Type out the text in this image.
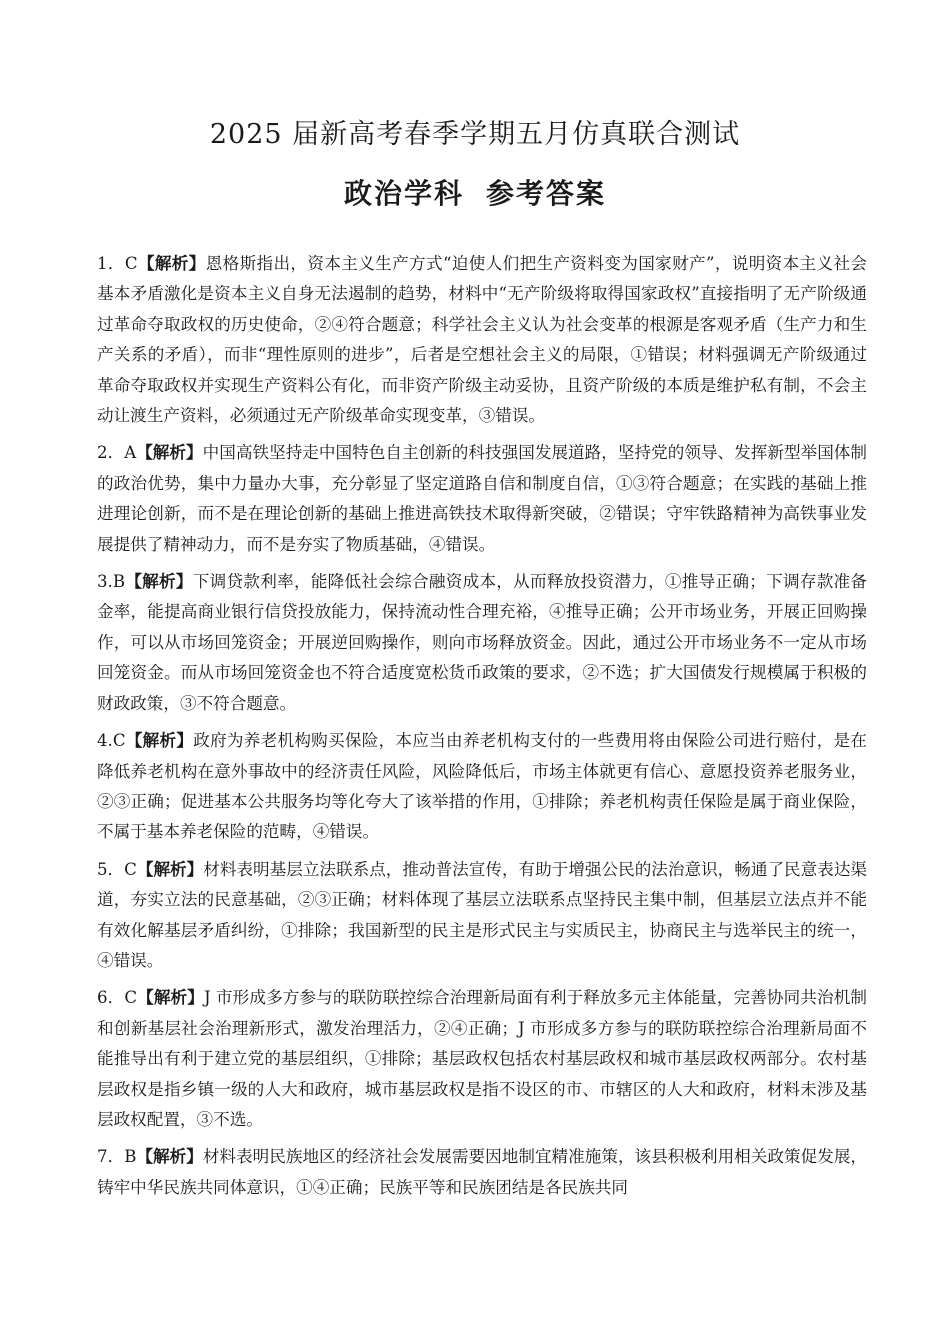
2025 届新高考春季学期五月仿真联合测试
政治学科 参考答案
1．C【解析】恩格斯指出，资本主义生产方式“迫使人们把生产资料变为国家财产”，说明资本主义社会基本矛盾激化是资本主义自身无法遏制的趋势，材料中“无产阶级将取得国家政权”直接指明了无产阶级通过革命夺取政权的历史使命，②④符合题意；科学社会主义认为社会变革的根源是客观矛盾（生产力和生产关系的矛盾），而非“理性原则的进步”，后者是空想社会主义的局限，①错误；材料强调无产阶级通过革命夺取政权并实现生产资料公有化，而非资产阶级主动妥协，且资产阶级的本质是维护私有制，不会主动让渡生产资料，必须通过无产阶级革命实现变革，③错误。
2．A【解析】中国高铁坚持走中国特色自主创新的科技强国发展道路，坚持党的领导、发挥新型举国体制的政治优势，集中力量办大事，充分彰显了坚定道路自信和制度自信，①③符合题意；在实践的基础上推进理论创新，而不是在理论创新的基础上推进高铁技术取得新突破，②错误；守牢铁路精神为高铁事业发展提供了精神动力，而不是夯实了物质基础，④错误。
3.B【解析】下调贷款利率，能降低社会综合融资成本，从而释放投资潜力，①推导正确；下调存款准备金率，能提高商业银行信贷投放能力，保持流动性合理充裕，④推导正确；公开市场业务，开展正回购操作，可以从市场回笼资金；开展逆回购操作，则向市场释放资金。因此，通过公开市场业务不一定从市场回笼资金。而从市场回笼资金也不符合适度宽松货币政策的要求，②不选；扩大国债发行规模属于积极的财政政策，③不符合题意。
4.C【解析】政府为养老机构购买保险，本应当由养老机构支付的一些费用将由保险公司进行赔付，是在降低养老机构在意外事故中的经济责任风险，风险降低后，市场主体就更有信心、意愿投资养老服务业，②③正确；促进基本公共服务均等化夸大了该举措的作用，①排除；养老机构责任保险是属于商业保险，不属于基本养老保险的范畴，④错误。
5．C【解析】材料表明基层立法联系点，推动普法宣传，有助于增强公民的法治意识，畅通了民意表达渠道，夯实立法的民意基础，②③正确；材料体现了基层立法联系点坚持民主集中制，但基层立法点并不能有效化解基层矛盾纠纷，①排除；我国新型的民主是形式民主与实质民主，协商民主与选举民主的统一，④错误。
6．C【解析】J 市形成多方参与的联防联控综合治理新局面有利于释放多元主体能量，完善协同共治机制和创新基层社会治理新形式，激发治理活力，②④正确；J 市形成多方参与的联防联控综合治理新局面不能推导出有利于建立党的基层组织，①排除；基层政权包括农村基层政权和城市基层政权两部分。农村基层政权是指乡镇一级的人大和政府，城市基层政权是指不设区的市、市辖区的人大和政府，材料未涉及基层政权配置，③不选。
7．B【解析】材料表明民族地区的经济社会发展需要因地制宜精准施策，该县积极利用相关政策促发展，铸牢中华民族共同体意识，①④正确；民族平等和民族团结是各民族共同
